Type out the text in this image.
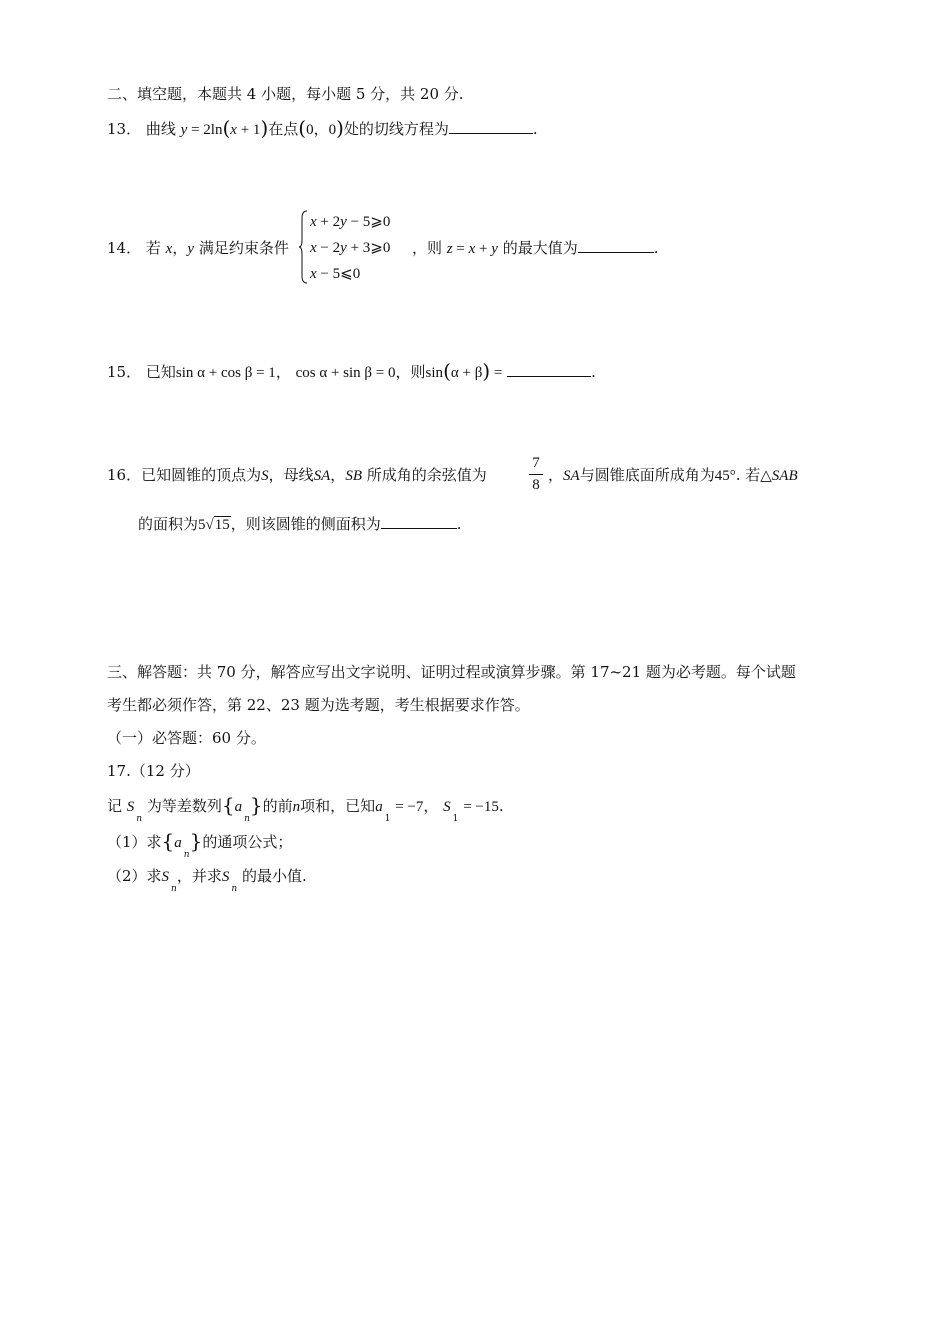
二、填空题，本题共 4 小题，每小题 5 分，共 20 分.
13． 曲线 y = 2ln(x + 1)在点(0，0)处的切线方程为	.
14． 若 x，y 满足约束条件
x + 2y − 5⩾0
x − 2y + 3⩾0
x − 5⩽0
，则 z = x + y 的最大值为	.
15． 已知sin α + cos β = 1， cos α + sin β = 0，则sin(α + β) =	.
16．已知圆锥的顶点为S，母线SA，SB 所成角的余弦值为
7
8
，SA与圆锥底面所成角为45°. 若△SAB
的面积为5√15，则该圆锥的侧面积为	.
三、解答题：共 70 分，解答应写出文字说明、证明过程或演算步骤。第 17~21 题为必考题。每个试题
考生都必须作答，第 22、23 题为选考题，考生根据要求作答。
（一）必答题：60 分。
17.（12 分）
记 $S_n$ 为等差数列$\{a_n\}$的前n项和，已知$a_1 = -7$， $S_1 = -15$.
（1）求$\{a_n\}$的通项公式；
（2）求$S_n$，并求$S_n$ 的最小值.
